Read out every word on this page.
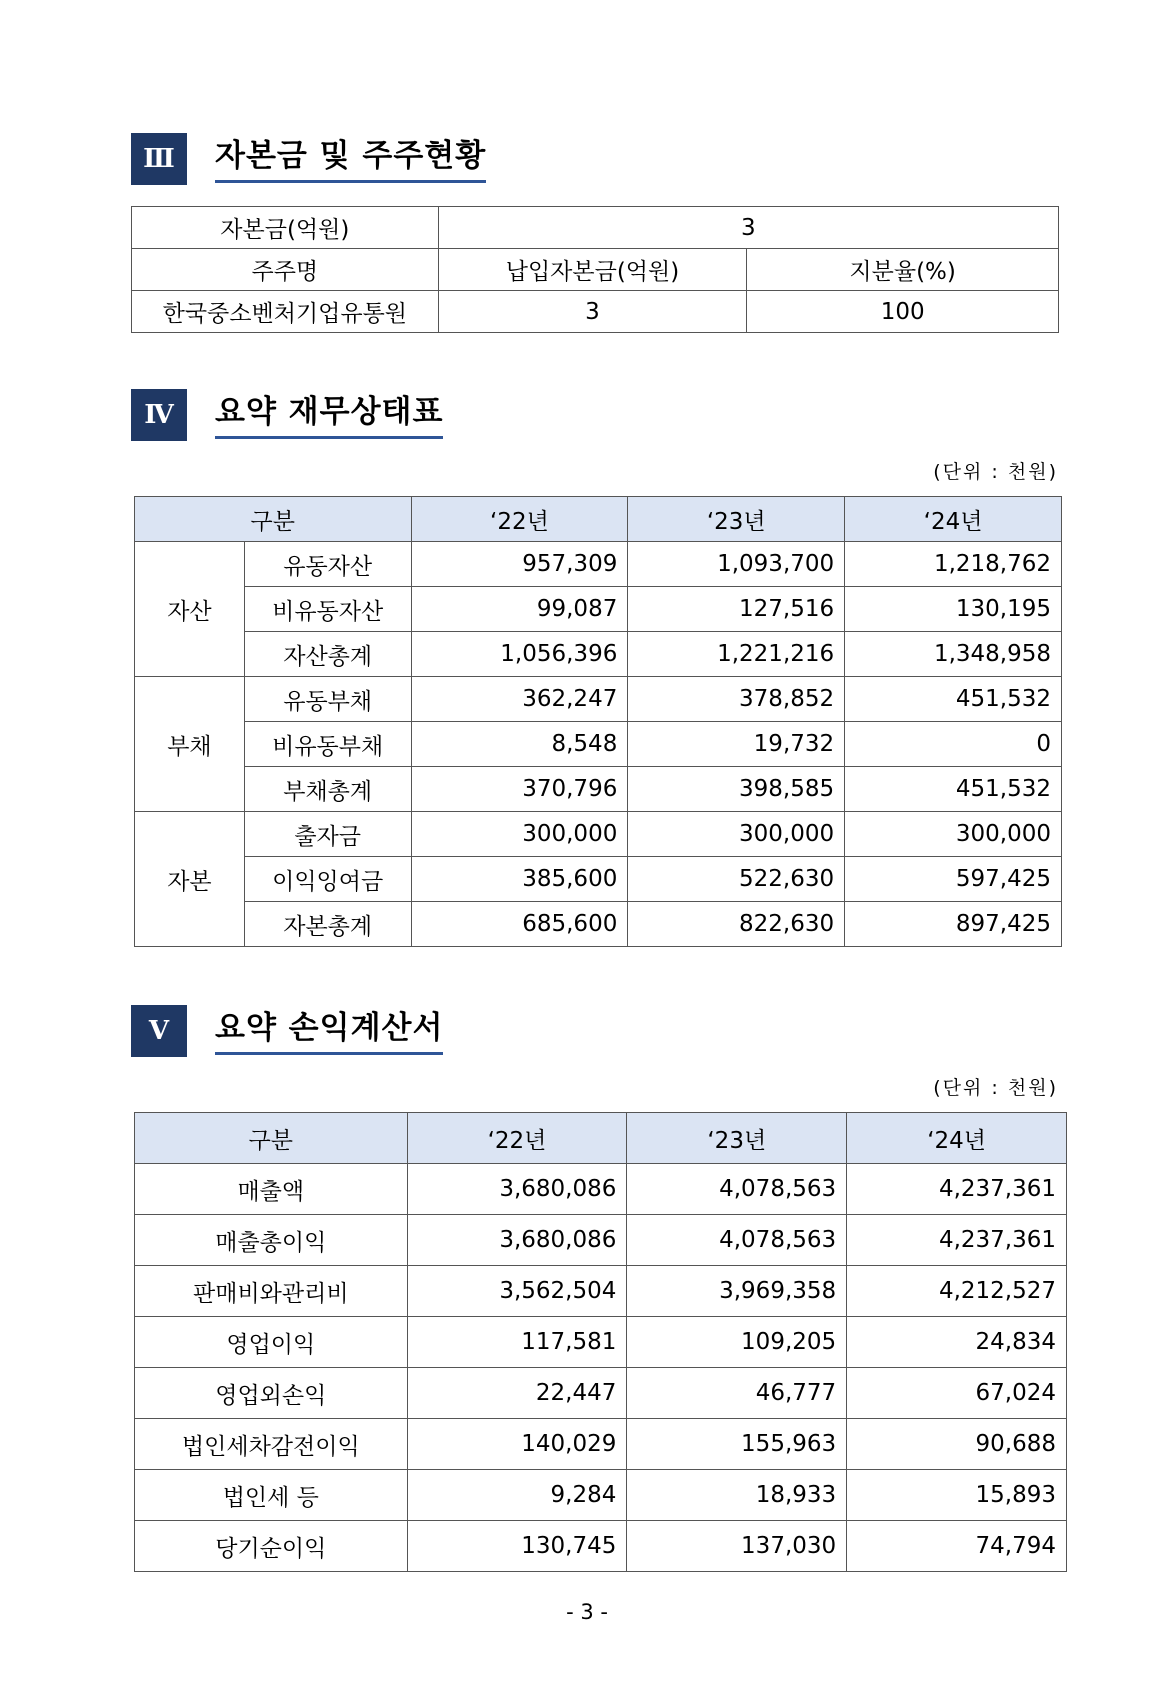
Ⅲ	자본금 및 주주현황
자본금(억원)	3	
주주명	납입자본금(억원)	지분율(%)
한국중소벤처기업유통원	3	100
Ⅳ	요약 재무상태표
(단위 : 천원)
구분		‘22년	‘23년	‘24년
자산	유동자산	957,309	1,093,700	1,218,762
	비유동자산	99,087	127,516	130,195
	자산총계	1,056,396	1,221,216	1,348,958
부채	유동부채	362,247	378,852	451,532
	비유동부채	8,548	19,732	0
	부채총계	370,796	398,585	451,532
자본	출자금	300,000	300,000	300,000
	이익잉여금	385,600	522,630	597,425
	자본총계	685,600	822,630	897,425
Ⅴ	요약 손익계산서
(단위 : 천원)
구분	‘22년	‘23년	‘24년
매출액	3,680,086	4,078,563	4,237,361
매출총이익	3,680,086	4,078,563	4,237,361
판매비와관리비	3,562,504	3,969,358	4,212,527
영업이익	117,581	109,205	24,834
영업외손익	22,447	46,777	67,024
법인세차감전이익	140,029	155,963	90,688
법인세 등	9,284	18,933	15,893
당기순이익	130,745	137,030	74,794
- 3 -
